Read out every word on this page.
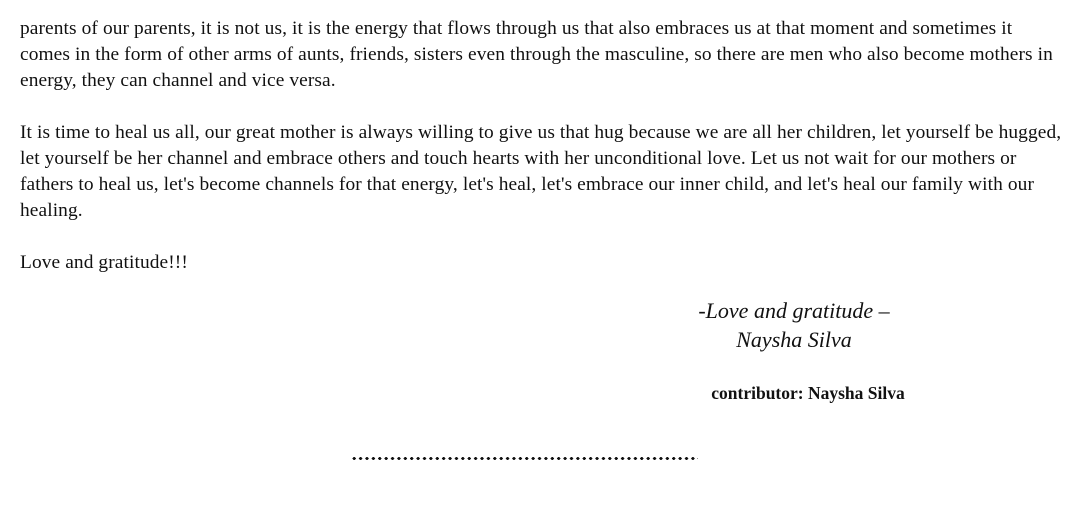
parents of our parents, it is not us, it is the energy that flows through us that also embraces us at that moment and sometimes it comes in the form of other arms of aunts, friends, sisters even through the masculine, so there are men who also become mothers in energy, they can channel and vice versa.

It is time to heal us all, our great mother is always willing to give us that hug because we are all her children, let yourself be hugged, let yourself be her channel and embrace others and touch hearts with her unconditional love. Let us not wait for our mothers or fathers to heal us, let's become channels for that energy, let's heal, let's embrace our inner child, and let's heal our family with our healing.

Love and gratitude!!!

-Love and gratitude –
Naysha Silva
contributor: Naysha Silva
